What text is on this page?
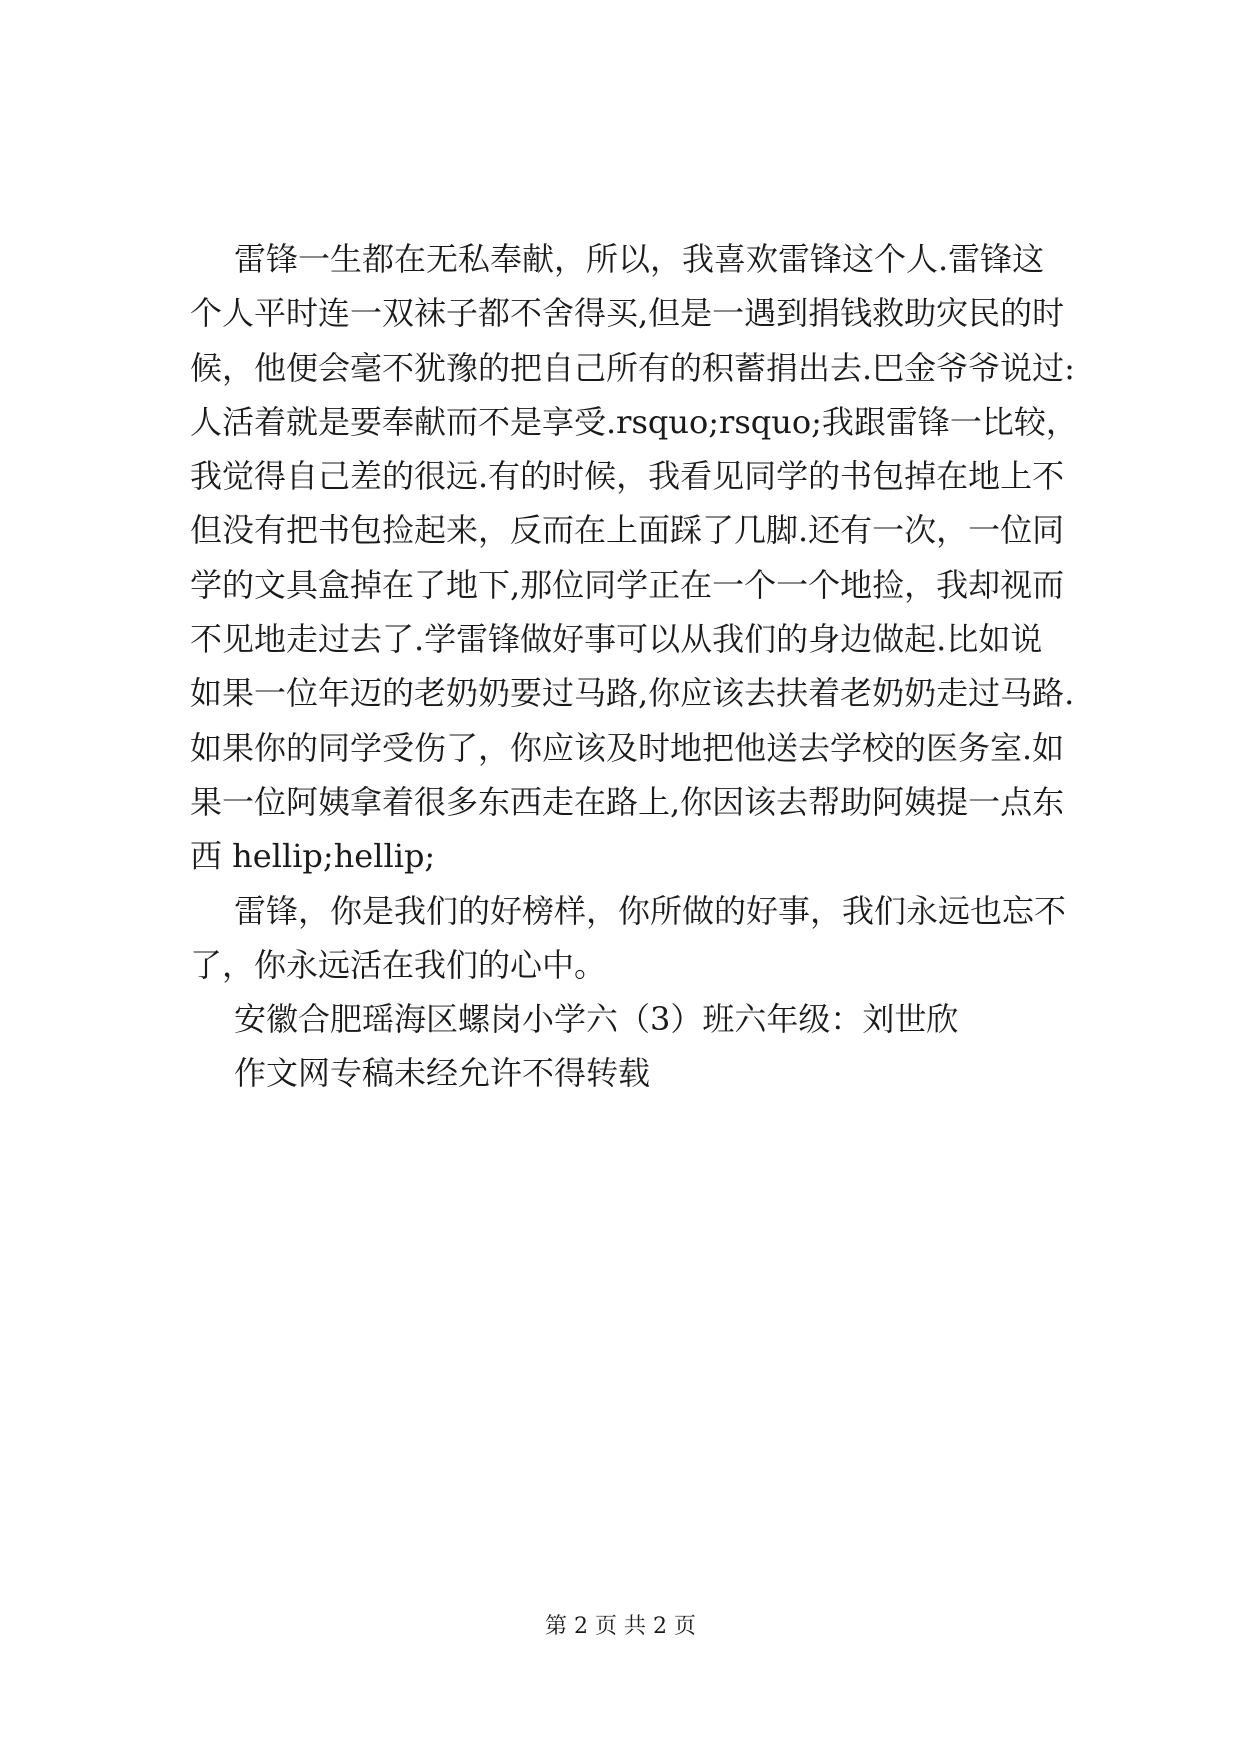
雷锋一生都在无私奉献，所以，我喜欢雷锋这个人.雷锋这
个人平时连一双袜子都不舍得买,但是一遇到捐钱救助灾民的时
候，他便会毫不犹豫的把自己所有的积蓄捐出去.巴金爷爷说过:
人活着就是要奉献而不是享受.rsquo;rsquo;我跟雷锋一比较，
我觉得自己差的很远.有的时候，我看见同学的书包掉在地上不
但没有把书包捡起来，反而在上面踩了几脚.还有一次，一位同
学的文具盒掉在了地下,那位同学正在一个一个地捡，我却视而
不见地走过去了.学雷锋做好事可以从我们的身边做起.比如说
如果一位年迈的老奶奶要过马路,你应该去扶着老奶奶走过马路.
如果你的同学受伤了，你应该及时地把他送去学校的医务室.如
果一位阿姨拿着很多东西走在路上,你因该去帮助阿姨提一点东
西 hellip;hellip;
雷锋，你是我们的好榜样，你所做的好事，我们永远也忘不
了，你永远活在我们的心中。
安徽合肥瑶海区螺岗小学六（3）班六年级：刘世欣
作文网专稿未经允许不得转载
第 2 页 共 2 页
